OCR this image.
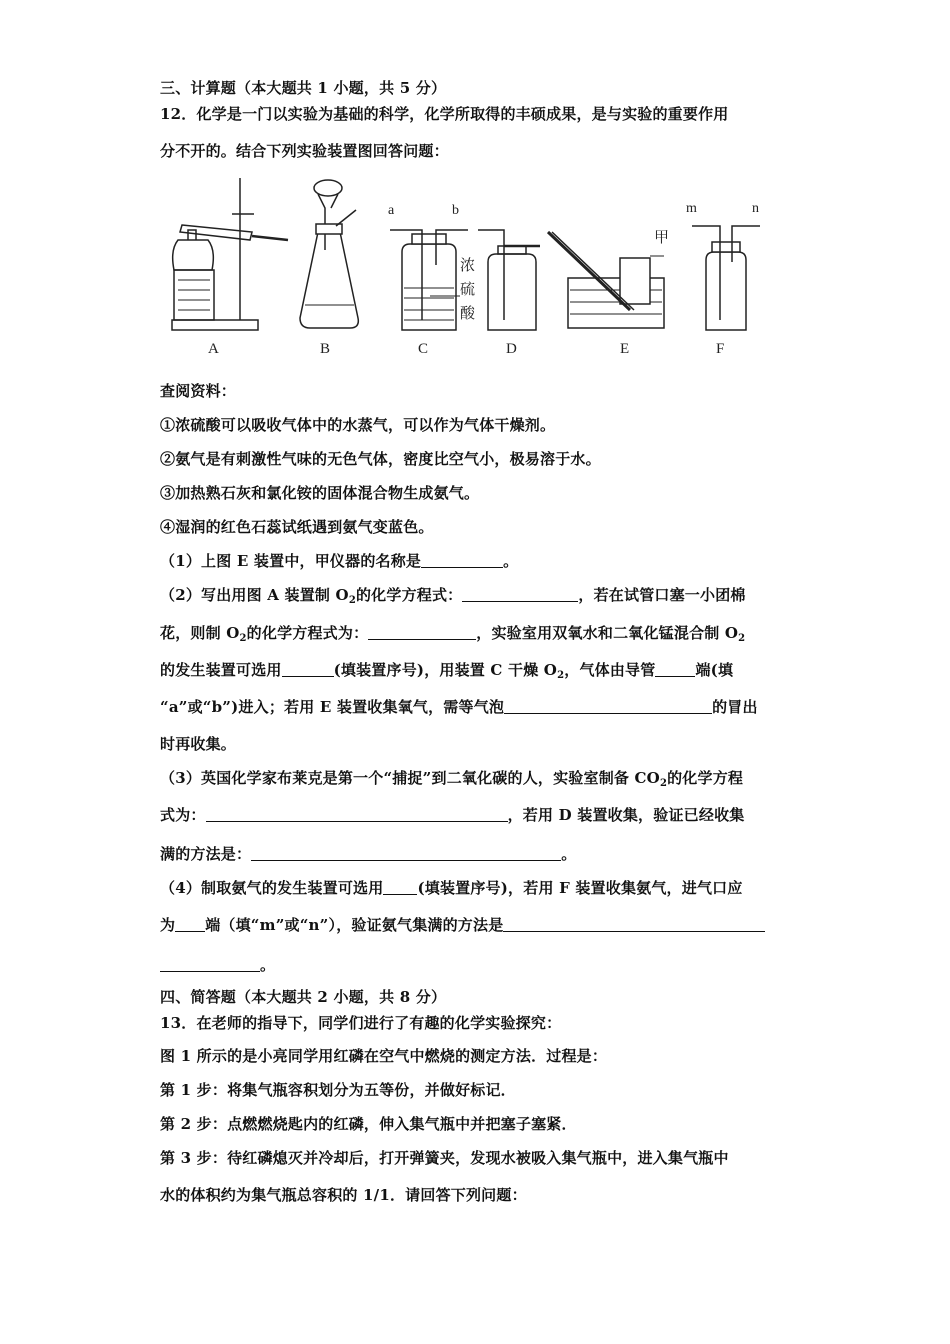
三、计算题（本大题共 1 小题，共 5 分）
12．化学是一门以实验为基础的科学，化学所取得的丰硕成果，是与实验的重要作用
分不开的。结合下列实验装置图回答问题：
A	B	C	D	E	F
a	b	m	n
甲
浓
硫
酸
查阅资料：
①浓硫酸可以吸收气体中的水蒸气，可以作为气体干燥剂。
②氨气是有刺激性气味的无色气体，密度比空气小，极易溶于水。
③加热熟石灰和氯化铵的固体混合物生成氨气。
④湿润的红色石蕊试纸遇到氨气变蓝色。
（1）上图 E 装置中，甲仪器的名称是	。
（2）写出用图 A 装置制 $O_2$的化学方程式：	，若在试管口塞一小团棉
花，则制 $O_2$的化学方程式为：	，实验室用双氧水和二氧化锰混合制 $O_2$
的发生装置可选用	(填装置序号)，用装置 C 干燥 $O_2$，气体由导管	端(填
“a”或“b”)进入；若用 E 装置收集氧气，需等气泡	的冒出
时再收集。
（3）英国化学家布莱克是第一个“捕捉”到二氧化碳的人，实验室制备 $CO_2$的化学方程
式为：	，若用 D 装置收集，验证已经收集
满的方法是：	。
（4）制取氨气的发生装置可选用 (填装置序号)，若用 F 装置收集氨气，进气口应
为 端（填“m”或“n”），验证氨气集满的方法是
。
四、简答题（本大题共 2 小题，共 8 分）
13．在老师的指导下，同学们进行了有趣的化学实验探究：
图 1 所示的是小亮同学用红磷在空气中燃烧的测定方法．过程是：
第 1 步：将集气瓶容积划分为五等份，并做好标记．
第 2 步：点燃燃烧匙内的红磷，伸入集气瓶中并把塞子塞紧．
第 3 步：待红磷熄灭并冷却后，打开弹簧夹，发现水被吸入集气瓶中，进入集气瓶中
水的体积约为集气瓶总容积的 1/1．请回答下列问题：
